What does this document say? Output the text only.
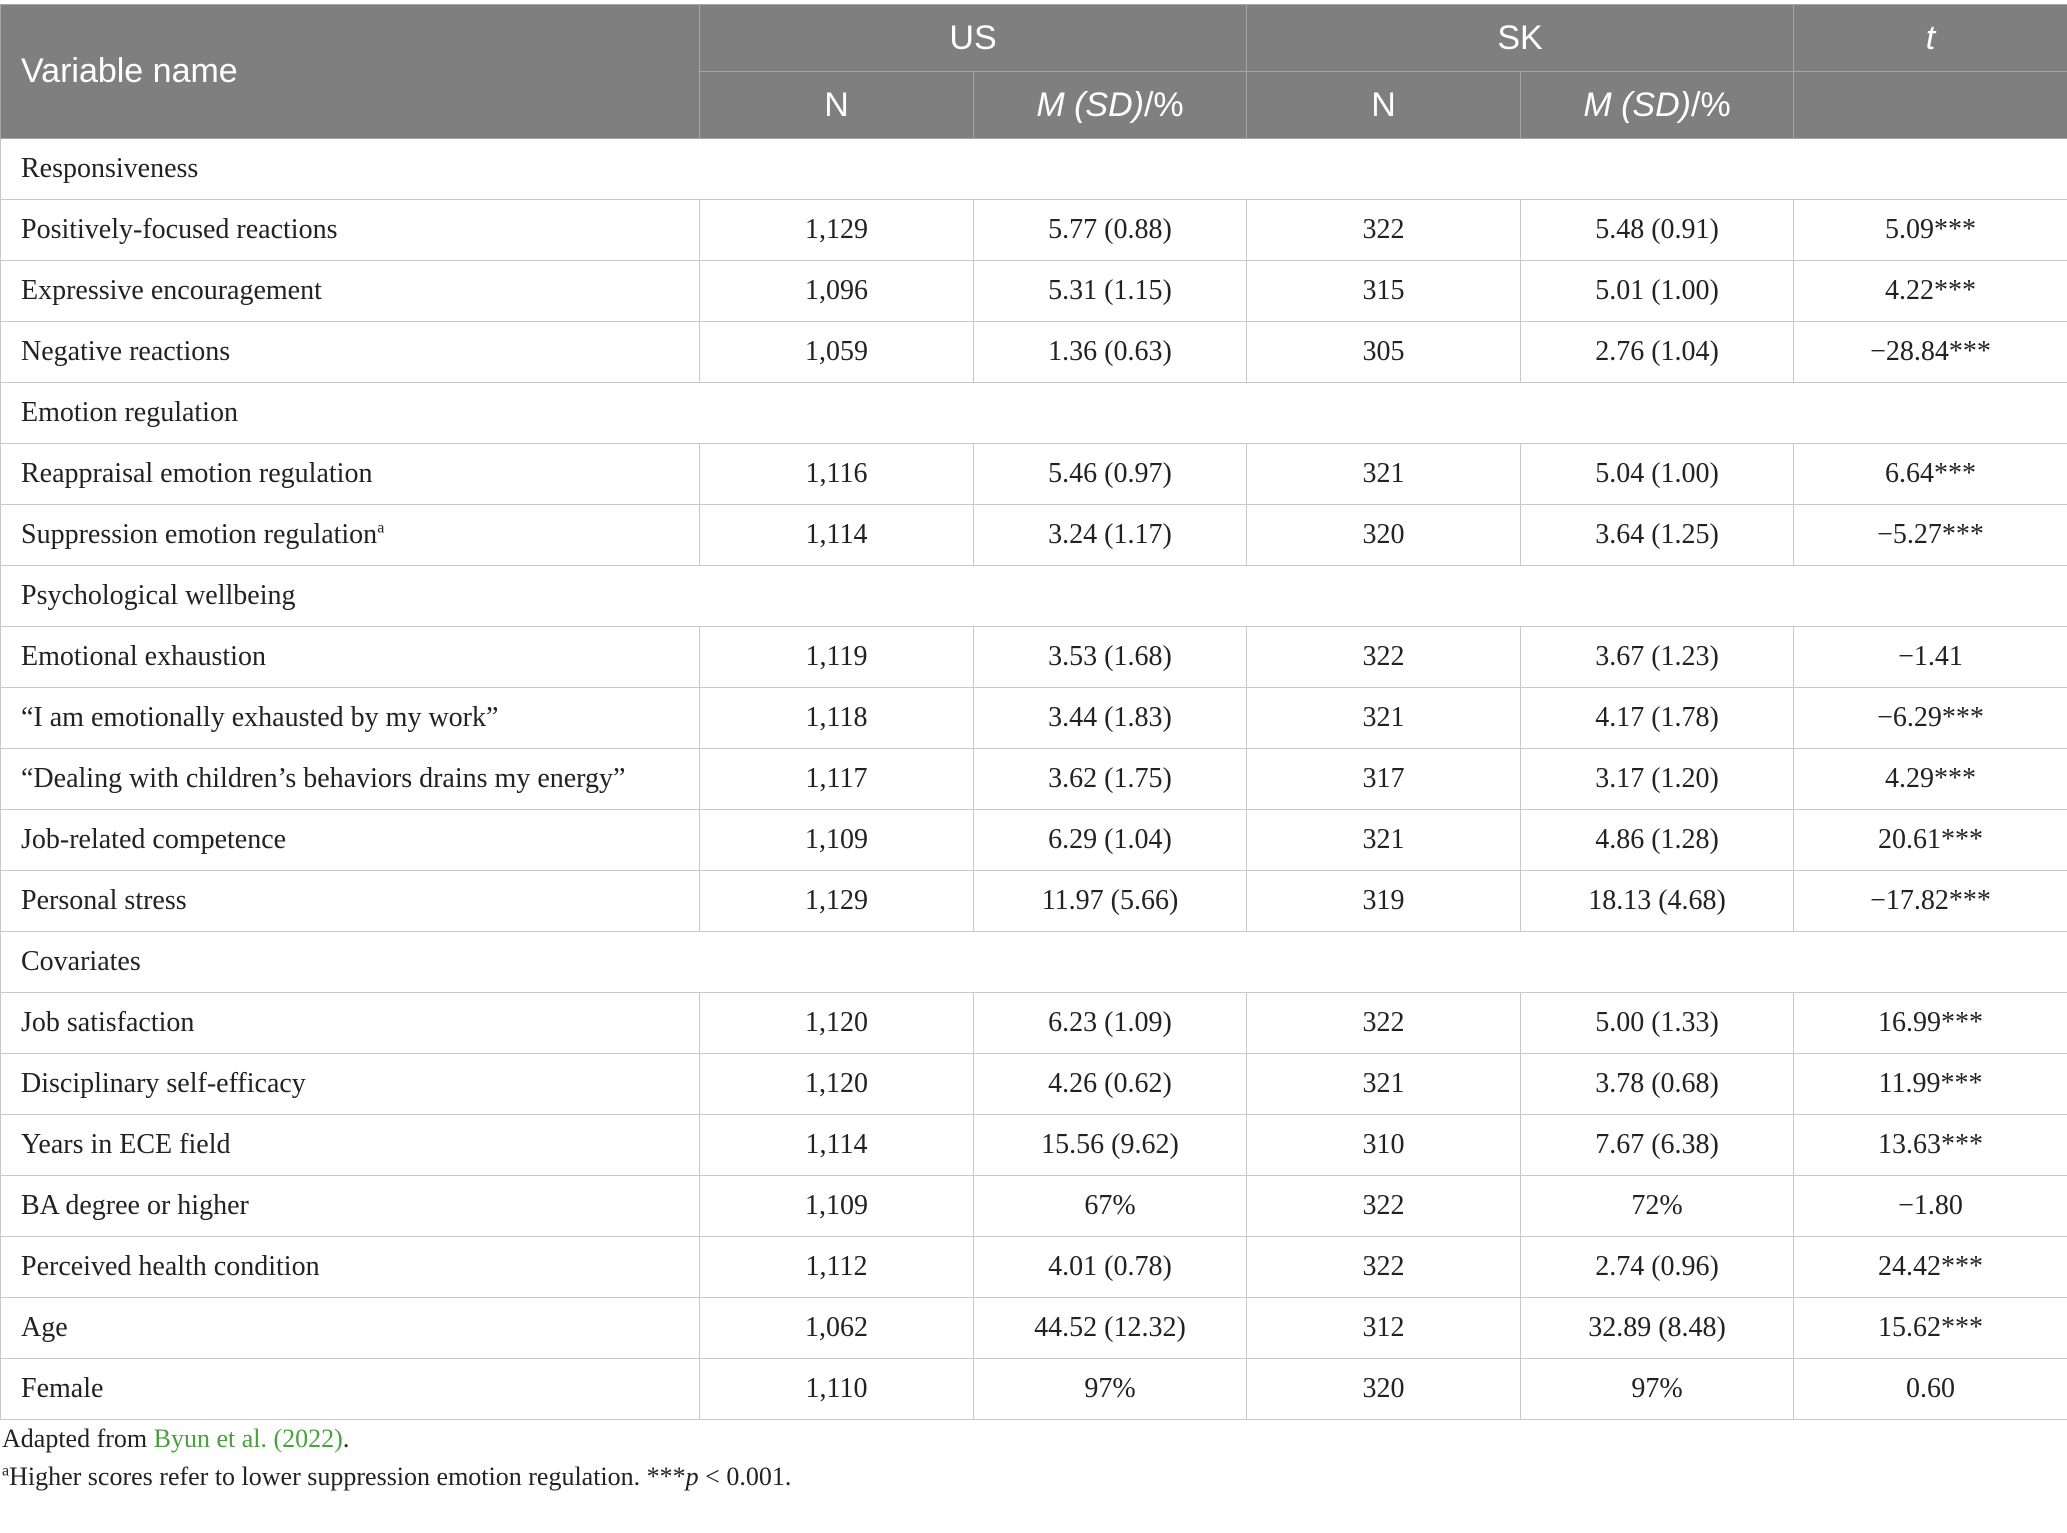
Variable name	US		SK		t
	N	M (SD)/%	N	M (SD)/%	
Responsiveness					
Positively-focused reactions	1,129	5.77 (0.88)	322	5.48 (0.91)	5.09***
Expressive encouragement	1,096	5.31 (1.15)	315	5.01 (1.00)	4.22***
Negative reactions	1,059	1.36 (0.63)	305	2.76 (1.04)	−28.84***
Emotion regulation					
Reappraisal emotion regulation	1,116	5.46 (0.97)	321	5.04 (1.00)	6.64***
Suppression emotion regulation$^a$	1,114	3.24 (1.17)	320	3.64 (1.25)	−5.27***
Psychological wellbeing					
Emotional exhaustion	1,119	3.53 (1.68)	322	3.67 (1.23)	−1.41
“I am emotionally exhausted by my work”	1,118	3.44 (1.83)	321	4.17 (1.78)	−6.29***
“Dealing with children’s behaviors drains my energy”	1,117	3.62 (1.75)	317	3.17 (1.20)	4.29***
Job-related competence	1,109	6.29 (1.04)	321	4.86 (1.28)	20.61***
Personal stress	1,129	11.97 (5.66)	319	18.13 (4.68)	−17.82***
Covariates					
Job satisfaction	1,120	6.23 (1.09)	322	5.00 (1.33)	16.99***
Disciplinary self-efficacy	1,120	4.26 (0.62)	321	3.78 (0.68)	11.99***
Years in ECE field	1,114	15.56 (9.62)	310	7.67 (6.38)	13.63***
BA degree or higher	1,109	67%	322	72%	−1.80
Perceived health condition	1,112	4.01 (0.78)	322	2.74 (0.96)	24.42***
Age	1,062	44.52 (12.32)	312	32.89 (8.48)	15.62***
Female	1,110	97%	320	97%	0.60

Adapted from Byun et al. (2022).

$^a$Higher scores refer to lower suppression emotion regulation. ***p < 0.001.
